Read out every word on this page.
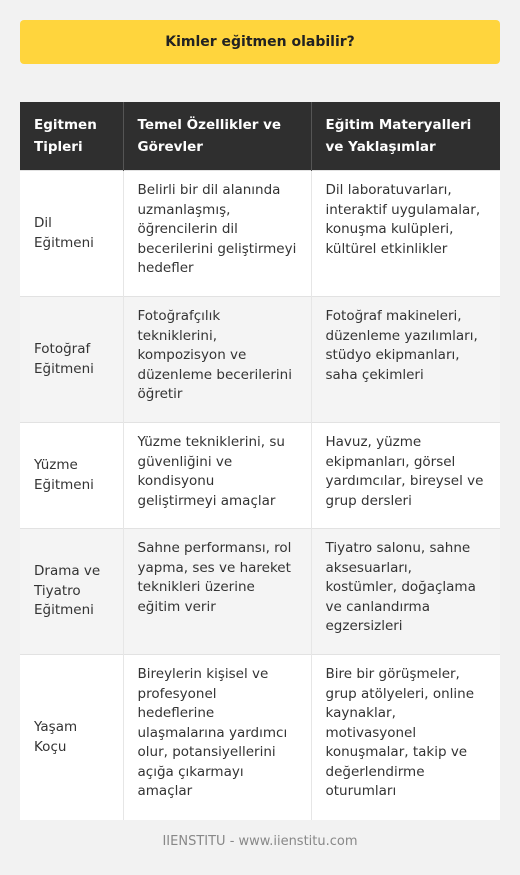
Kimler eğitmen olabilir?
Egitmen Tipleri	Temel Özellikler ve Görevler	Eğitim Materyalleri ve Yaklaşımlar
Dil Eğitmeni	Belirli bir dil alanında uzmanlaşmış, öğrencilerin dil becerilerini geliştirmeyi hedefler	Dil laboratuvarları, interaktif uygulamalar, konuşma kulüpleri, kültürel etkinlikler
Fotoğraf Eğitmeni	Fotoğrafçılık tekniklerini, kompozisyon ve düzenleme becerilerini öğretir	Fotoğraf makineleri, düzenleme yazılımları, stüdyo ekipmanları, saha çekimleri
Yüzme Eğitmeni	Yüzme tekniklerini, su güvenliğini ve kondisyonu geliştirmeyi amaçlar	Havuz, yüzme ekipmanları, görsel yardımcılar, bireysel ve grup dersleri
Drama ve Tiyatro Eğitmeni	Sahne performansı, rol yapma, ses ve hareket teknikleri üzerine eğitim verir	Tiyatro salonu, sahne aksesuarları, kostümler, doğaçlama ve canlandırma egzersizleri
Yaşam Koçu	Bireylerin kişisel ve profesyonel hedeflerine ulaşmalarına yardımcı olur, potansiyellerini açığa çıkarmayı amaçlar	Bire bir görüşmeler, grup atölyeleri, online kaynaklar, motivasyonel konuşmalar, takip ve değerlendirme oturumları
IIENSTITU - www.iienstitu.com
